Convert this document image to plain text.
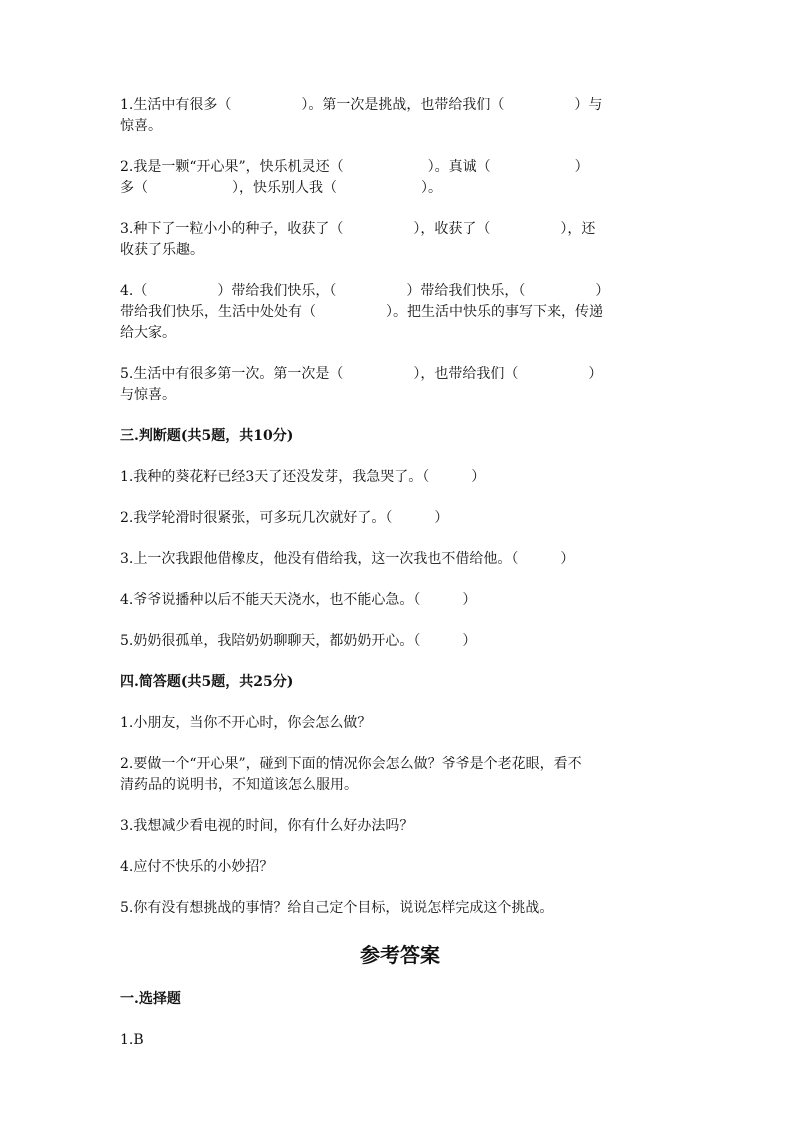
1.生活中有很多（　　　　　）。第一次是挑战，也带给我们（　　　　　）与

惊喜。

2.我是一颗“开心果”，快乐机灵还（　　　　　　）。真诚（　　　　　　）

多（　　　　　　），快乐别人我（　　　　　　）。

3.种下了一粒小小的种子，收获了（　　　　　），收获了（　　　　　），还

收获了乐趣。

4.（　　　　　）带给我们快乐，（　　　　　）带给我们快乐，（　　　　　）

带给我们快乐，生活中处处有（　　　　　）。把生活中快乐的事写下来，传递

给大家。

5.生活中有很多第一次。第一次是（　　　　　），也带给我们（　　　　　）

与惊喜。

三.判断题(共5题，共10分)

1.我种的葵花籽已经3天了还没发芽，我急哭了。（　　　）

2.我学轮滑时很紧张，可多玩几次就好了。（　　　）

3.上一次我跟他借橡皮，他没有借给我，这一次我也不借给他。（　　　）

4.爷爷说播种以后不能天天浇水，也不能心急。（　　　）

5.奶奶很孤单，我陪奶奶聊聊天，都奶奶开心。（　　　）

四.简答题(共5题，共25分)

1.小朋友，当你不开心时，你会怎么做？

2.要做一个“开心果”，碰到下面的情况你会怎么做？爷爷是个老花眼，看不

清药品的说明书，不知道该怎么服用。

3.我想减少看电视的时间，你有什么好办法吗？

4.应付不快乐的小妙招？

5.你有没有想挑战的事情？给自己定个目标，说说怎样完成这个挑战。

参考答案

一.选择题

1.B
